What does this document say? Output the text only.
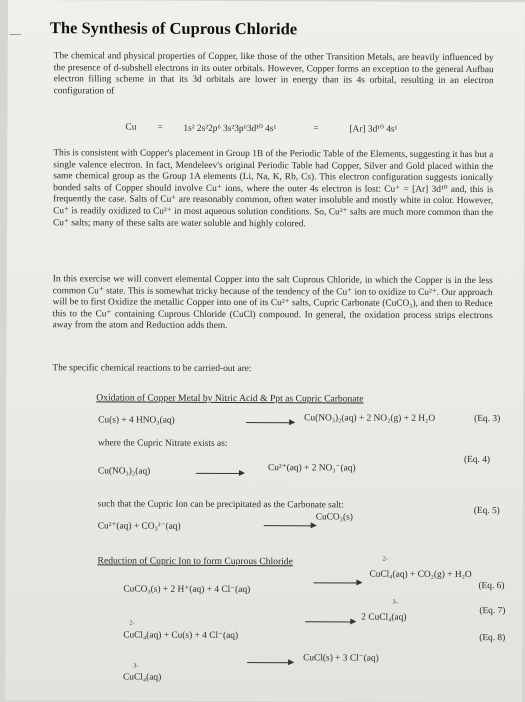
— The Synthesis of Cuprous Chloride

The chemical and physical properties of Copper, like those of the other Transition Metals, are heavily influenced by the presence of d-subshell electrons in its outer orbitals. However, Copper forms an exception to the general Aufbau electron filling scheme in that its 3d orbitals are lower in energy than its 4s orbital, resulting in an electron configuration of

Cu = 1s² 2s²2p⁶ 3s²3p⁶3d¹⁰ 4s¹	=	[Ar] 3d¹⁰ 4s¹

This is consistent with Copper's placement in Group 1B of the Periodic Table of the Elements, suggesting it has but a single valence electron. In fact, Mendeleev's original Periodic Table had Copper, Silver and Gold placed within the same chemical group as the Group 1A elements (Li, Na, K, Rb, Cs). This electron configuration suggests ionically bonded salts of Copper should involve Cu⁺ ions, where the outer 4s electron is lost: Cu⁺ = [Ar] 3d¹⁰ and, this is frequently the case. Salts of Cu⁺ are reasonably common, often water insoluble and mostly white in color. However, Cu⁺ is readily oxidized to Cu²⁺ in most aqueous solution conditions. So, Cu²⁺ salts are much more common than the Cu⁺ salts; many of these salts are water soluble and highly colored.

In this exercise we will convert elemental Copper into the salt Cuprous Chloride, in which the Copper is in the less common Cu⁺ state. This is somewhat tricky because of the tendency of the Cu⁺ ion to oxidize to Cu²⁺. Our approach will be to first Oxidize the metallic Copper into one of its Cu²⁺ salts, Cupric Carbonate (CuCO₃), and then to Reduce this to the Cu⁺ containing Cuprous Chloride (CuCl) compound. In general, the oxidation process strips electrons away from the atom and Reduction adds them.

The specific chemical reactions to be carried-out are:

Oxidation of Copper Metal by Nitric Acid & Ppt as Cupric Carbonate
Cu(s) + 4 HNO₃(aq)	Cu(NO₃)₂(aq) + 2 NO₂(g) + 2 H₂O	(Eq. 3)
where the Cupric Nitrate exists as:
Cu(NO₃)₂(aq)	Cu²⁺(aq) + 2 NO₃⁻(aq)
(Eq. 4)
such that the Cupric Ion can be precipitated as the Carbonate salt:
Cu²⁺(aq) + CO₃²⁻(aq)
CuCO₃(s)
(Eq. 5)
Reduction of Cupric Ion to form Cuprous Chloride	2-
CuCO₃(s) + 2 H⁺(aq) + 4 Cl⁻(aq)
CuCl₄(aq) + CO₂(g) + H₂O
(Eq. 6)
2-
3-
CuCl₄(aq) + Cu(s) + 4 Cl⁻(aq)
2 CuCl₄(aq)
(Eq. 7)
3-
CuCl₄(aq)
CuCl(s) + 3 Cl⁻(aq)
(Eq. 8)
